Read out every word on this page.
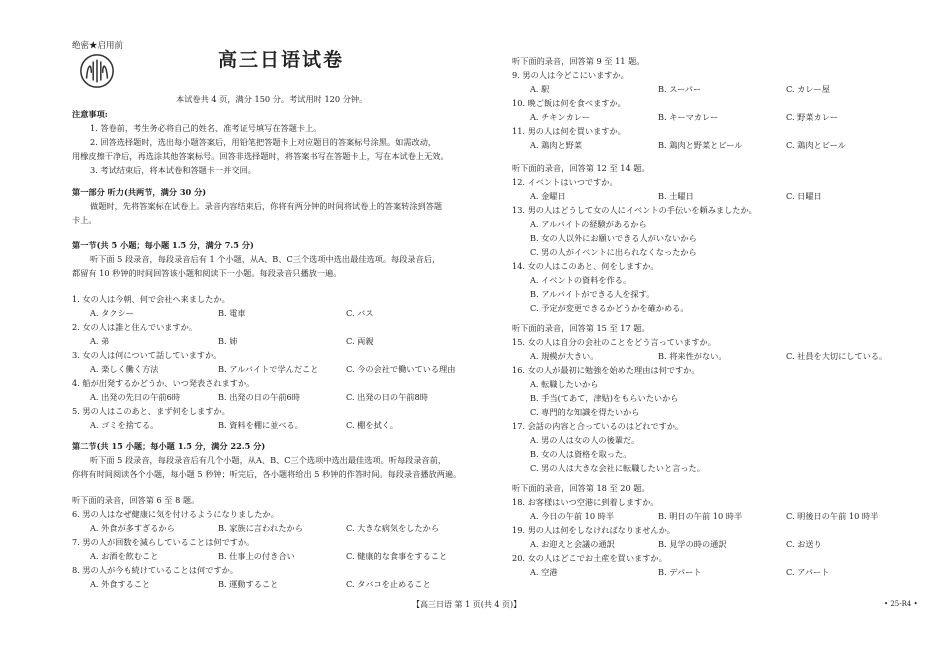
绝密★启用前
高三日语试卷
本试卷共 4 页，满分 150 分。考试用时 120 分钟。
注意事项:
1. 答卷前，考生务必将自己的姓名、准考证号填写在答题卡上。
2. 回答选择题时，选出每小题答案后，用铅笔把答题卡上对应题目的答案标号涂黑。如需改动，
用橡皮擦干净后，再选涂其他答案标号。回答非选择题时，将答案书写在答题卡上，写在本试卷上无效。
3. 考试结束后，将本试卷和答题卡一并交回。
第一部分 听力(共两节，满分 30 分)
做题时，先将答案标在试卷上。录音内容结束后，你将有两分钟的时间将试卷上的答案转涂到答题
卡上。
第一节(共 5 小题；每小题 1.5 分，满分 7.5 分)
听下面 5 段录音，每段录音后有 1 个小题，从A、B、C三个选项中选出最佳选项。每段录音后，
都留有 10 秒钟的时间回答该小题和阅读下一小题。每段录音只播放一遍。
1. 女の人は今朝、何で会社へ来ましたか。
A. タクシー	B. 電車	C. バス
2. 女の人は誰と住んでいますか。
A. 弟	B. 姉	C. 両親
3. 女の人は何について話していますか。
A. 楽しく働く方法	B. アルバイトで学んだこと	C. 今の会社で働いている理由
4. 船が出発するかどうか、いつ発表されますか。
A. 出発の先日の午前6時	B. 出発の日の午前6時	C. 出発の日の午前8時
5. 男の人はこのあと、まず何をしますか。
A. ゴミを捨てる。	B. 資料を棚に並べる。	C. 棚を拭く。
第二节(共 15 小题；每小题 1.5 分，满分 22.5 分)
听下面 5 段录音，每段录音后有几个小题，从A、B、C三个选项中选出最佳选项。听每段录音前，
你将有时间阅读各个小题，每小题 5 秒钟；听完后，各小题将给出 5 秒钟的作答时间。每段录音播放两遍。
听下面的录音，回答第 6 至 8 题。
6. 男の人はなぜ健康に気を付けるようになりましたか。
A. 外食が多すぎるから	B. 家族に言われたから	C. 大きな病気をしたから
7. 男の人が回数を減らしていることは何ですか。
A. お酒を飲むこと	B. 仕事上の付き合い	C. 健康的な食事をすること
8. 男の人が今も続けていることは何ですか。
A. 外食すること	B. 運動すること	C. タバコを止めること
听下面的录音，回答第 9 至 11 题。
9. 男の人は今どこにいますか。
A. 駅	B. スーパー	C. カレー屋
10. 晩ご飯は何を食べますか。
A. チキンカレー	B. キーマカレー	C. 野菜カレー
11. 男の人は何を買いますか。
A. 鶏肉と野菜	B. 鶏肉と野菜とビール	C. 鶏肉とビール
听下面的录音，回答第 12 至 14 题。
12. イベントはいつですか。
A. 金曜日	B. 土曜日	C. 日曜日
13. 男の人はどうして女の人にイベントの手伝いを頼みましたか。
A. アルバイトの経験があるから
B. 女の人以外にお願いできる人がいないから
C. 男の人がイベントに出られなくなったから
14. 女の人はこのあと、何をしますか。
A. イベントの資料を作る。
B. アルバイトができる人を探す。
C. 予定が変更できるかどうかを確かめる。
听下面的录音，回答第 15 至 17 题。
15. 女の人は自分の会社のことをどう言っていますか。
A. 規模が大きい。	B. 将来性がない。	C. 社員を大切にしている。
16. 女の人が最初に勉強を始めた理由は何ですか。
A. 転職したいから
B. 手当(てあて，津贴)をもらいたいから
C. 専門的な知識を得たいから
17. 会話の内容と合っているのはどれですか。
A. 男の人は女の人の後輩だ。
B. 女の人は資格を取った。
C. 男の人は大きな会社に転職したいと言った。
听下面的录音，回答第 18 至 20 题。
18. お客様はいつ空港に到着しますか。
A. 今日の午前 10 時半	B. 明日の午前 10 時半	C. 明後日の午前 10 時半
19. 男の人は何をしなければなりませんか。
A. お迎えと会議の通訳	B. 見学の時の通訳	C. お送り
20. 女の人はどこでお土産を買いますか。
A. 空港	B. デパート	C. アパート
【高三日语 第 1 页(共 4 页)】	• 25-R4 •
